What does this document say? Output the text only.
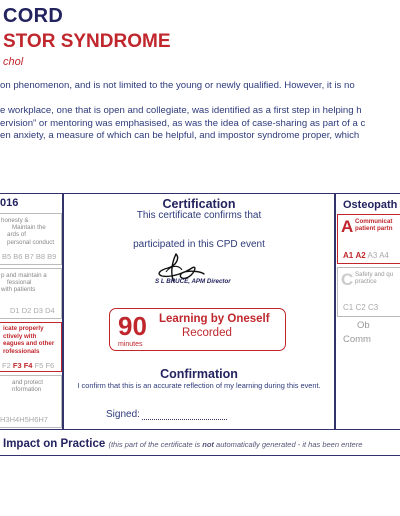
CORD
STOR SYNDROME
chol
on phenomenon, and is not limited to the young or newly qualified. However, it is no
e workplace, one that is open and collegiate, was identified as a first step in helping h
ervision” or mentoring was emphasised, as was the idea of case-sharing as part of a c
en anxiety, a measure of which can be helpful, and impostor syndrome proper, which
016
honesty &
Maintain the
ards of
personal conduct
B5 B6 B7 B8 B9
p and maintain a
fessional
with patients
D1 D2 D3 D4
icate properly
ctively with
eagues and other
rofessionals
F2 F3 F4 F5 F6
and protect
nformation
H3H4H5H6H7
Certification
This certificate confirms that
participated in this CPD event
S L BRUCE, APM Director
90
minutes
Learning by Oneself
Recorded
Confirmation
I confirm that this is an accurate reflection of my learning during this event.
Signed:
Osteopath
A Communicat
patient partn
A1 A2 A3 A4
C Safety and qu
practice
C1 C2 C3
Ob
Comm
Impact on Practice (this part of the certificate is not automatically generated - it has been entere
